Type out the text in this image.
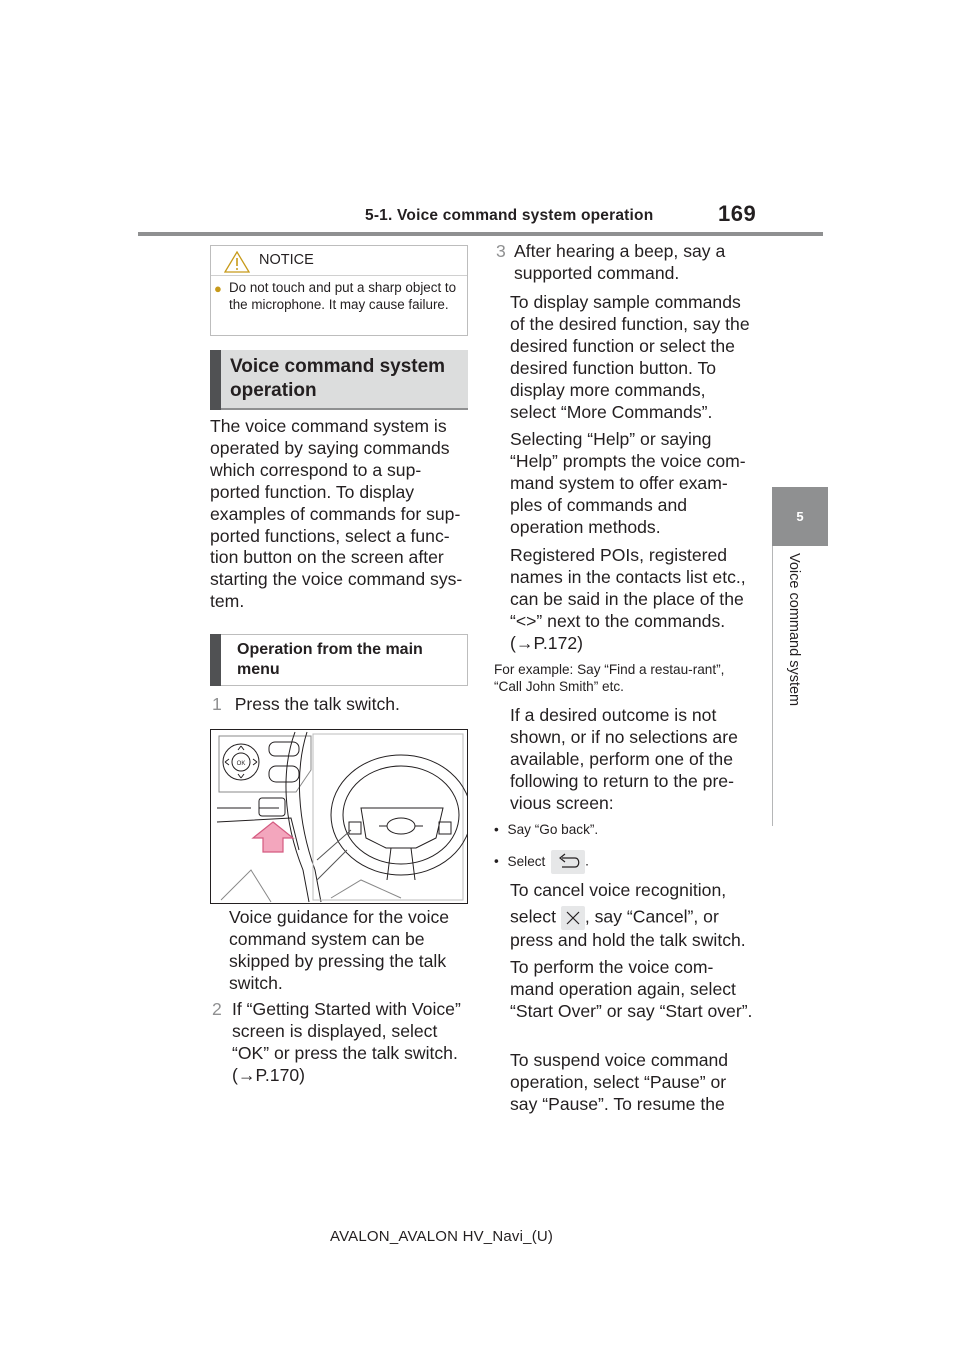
5-1. Voice command system operation	169
5
Voice command system
NOTICE
● Do not touch and put a sharp object to the microphone. It may cause failure.
Voice command system operation
The voice command system is operated by saying commands which correspond to a sup-ported function. To display examples of commands for sup-ported functions, select a func-tion button on the screen after starting the voice command sys-tem.
Operation from the main menu
1 Press the talk switch.
OK
Voice guidance for the voice command system can be skipped by pressing the talk switch.
2 If “Getting Started with Voice” screen is displayed, select “OK” or press the talk switch.
(→P.170)
3 After hearing a beep, say a supported command.
To display sample commands of the desired function, say the desired function or select the desired function button. To display more commands, select “More Commands”.
Selecting “Help” or saying “Help” prompts the voice com-mand system to offer exam-ples of commands and operation methods.
Registered POIs, registered names in the contacts list etc., can be said in the place of the “<>” next to the commands.
(→P.172)
For example: Say “Find a restau-rant”, “Call John Smith” etc.
If a desired outcome is not shown, or if no selections are available, perform one of the following to return to the pre-vious screen:
• Say “Go back”.
• Select	.
To cancel voice recognition,
select , say “Cancel”, or press and hold the talk switch.
To perform the voice com-mand operation again, select “Start Over” or say “Start over”.
To suspend voice command operation, select “Pause” or say “Pause”. To resume the
AVALON_AVALON HV_Navi_(U)
